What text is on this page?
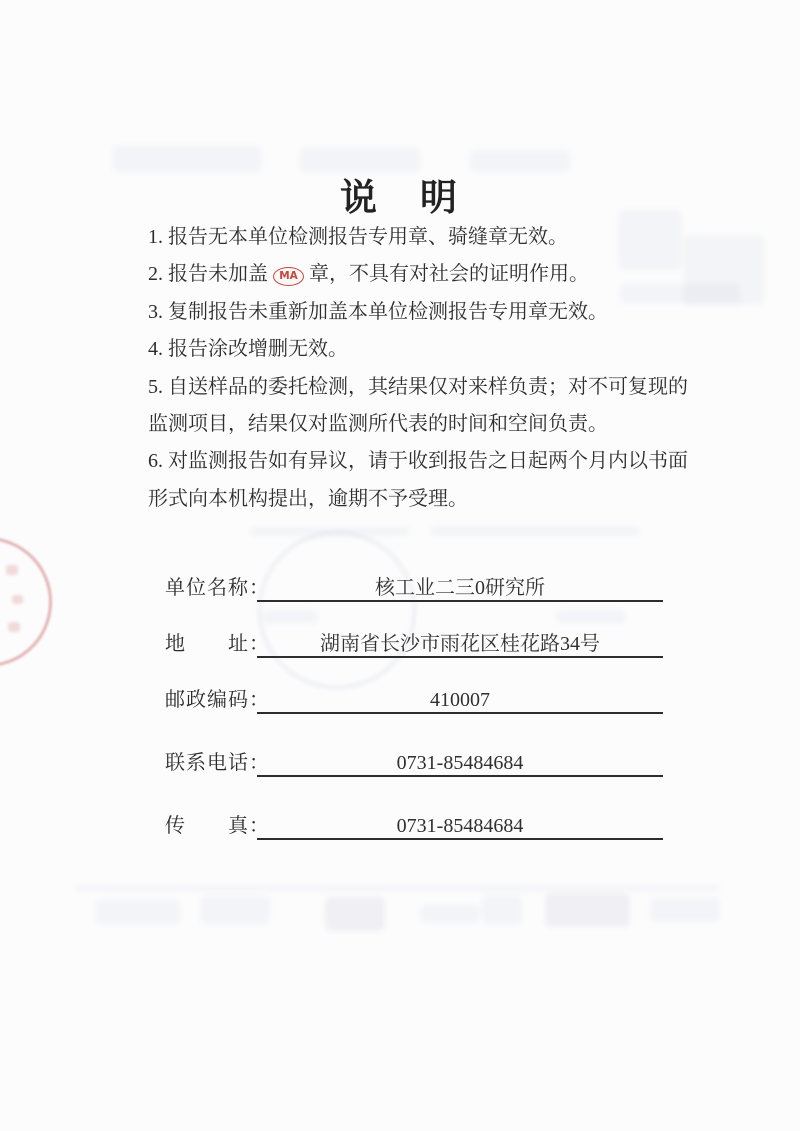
说　明
1. 报告无本单位检测报告专用章、骑缝章无效。
2. 报告未加盖 MA 章，不具有对社会的证明作用。
3. 复制报告未重新加盖本单位检测报告专用章无效。
4. 报告涂改增删无效。
5. 自送样品的委托检测，其结果仅对来样负责；对不可复现的
监测项目，结果仅对监测所代表的时间和空间负责。
6. 对监测报告如有异议，请于收到报告之日起两个月内以书面
形式向本机构提出，逾期不予受理。
单位名称：	核工业二三0研究所
地　　址：	湖南省长沙市雨花区桂花路34号
邮政编码：	410007
联系电话：	0731-85484684
传　　真：	0731-85484684
